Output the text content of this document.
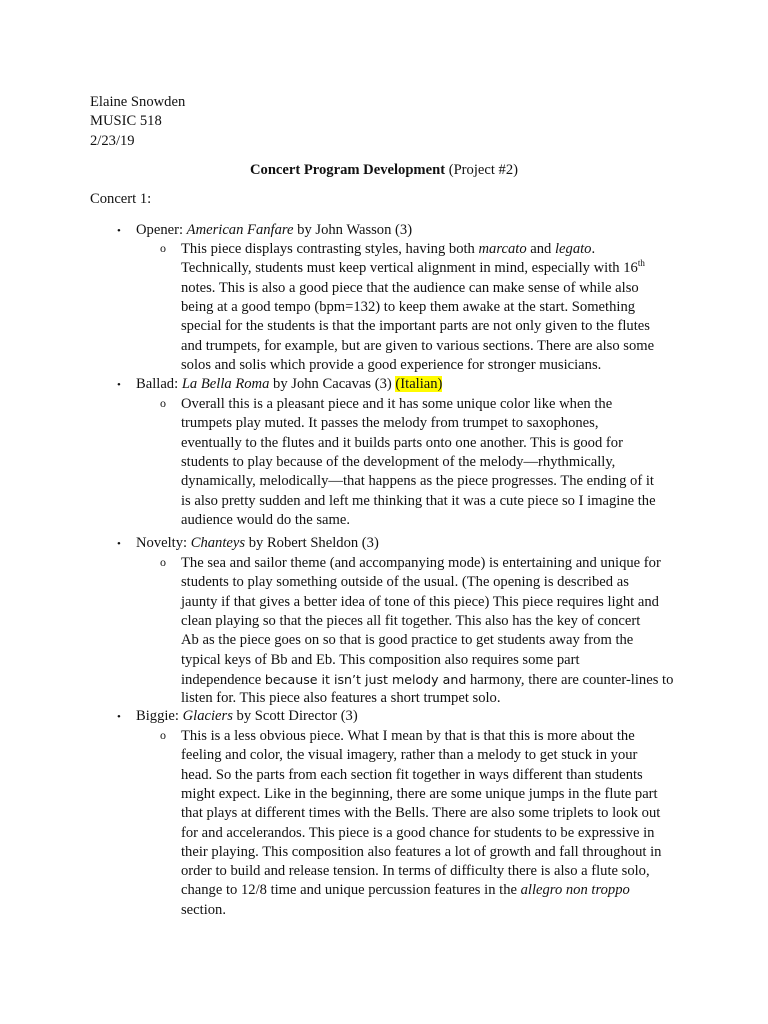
Elaine Snowden
MUSIC 518
2/23/19
Concert Program Development (Project #2)
Concert 1:
• Opener: American Fanfare by John Wasson (3)
o This piece displays contrasting styles, having both marcato and legato.
Technically, students must keep vertical alignment in mind, especially with 16th
notes. This is also a good piece that the audience can make sense of while also
being at a good tempo (bpm=132) to keep them awake at the start. Something
special for the students is that the important parts are not only given to the flutes
and trumpets, for example, but are given to various sections. There are also some
solos and solis which provide a good experience for stronger musicians.
• Ballad: La Bella Roma by John Cacavas (3) (Italian)
o Overall this is a pleasant piece and it has some unique color like when the
trumpets play muted. It passes the melody from trumpet to saxophones,
eventually to the flutes and it builds parts onto one another. This is good for
students to play because of the development of the melody—rhythmically,
dynamically, melodically—that happens as the piece progresses. The ending of it
is also pretty sudden and left me thinking that it was a cute piece so I imagine the
audience would do the same.
• Novelty: Chanteys by Robert Sheldon (3)
o The sea and sailor theme (and accompanying mode) is entertaining and unique for
students to play something outside of the usual. (The opening is described as
jaunty if that gives a better idea of tone of this piece) This piece requires light and
clean playing so that the pieces all fit together. This also has the key of concert
Ab as the piece goes on so that is good practice to get students away from the
typical keys of Bb and Eb. This composition also requires some part
independence because it isn’t just melody and harmony, there are counter-lines to
listen for. This piece also features a short trumpet solo.
• Biggie: Glaciers by Scott Director (3)
o This is a less obvious piece. What I mean by that is that this is more about the
feeling and color, the visual imagery, rather than a melody to get stuck in your
head. So the parts from each section fit together in ways different than students
might expect. Like in the beginning, there are some unique jumps in the flute part
that plays at different times with the Bells. There are also some triplets to look out
for and accelerandos. This piece is a good chance for students to be expressive in
their playing. This composition also features a lot of growth and fall throughout in
order to build and release tension. In terms of difficulty there is also a flute solo,
change to 12/8 time and unique percussion features in the allegro non troppo
section.
